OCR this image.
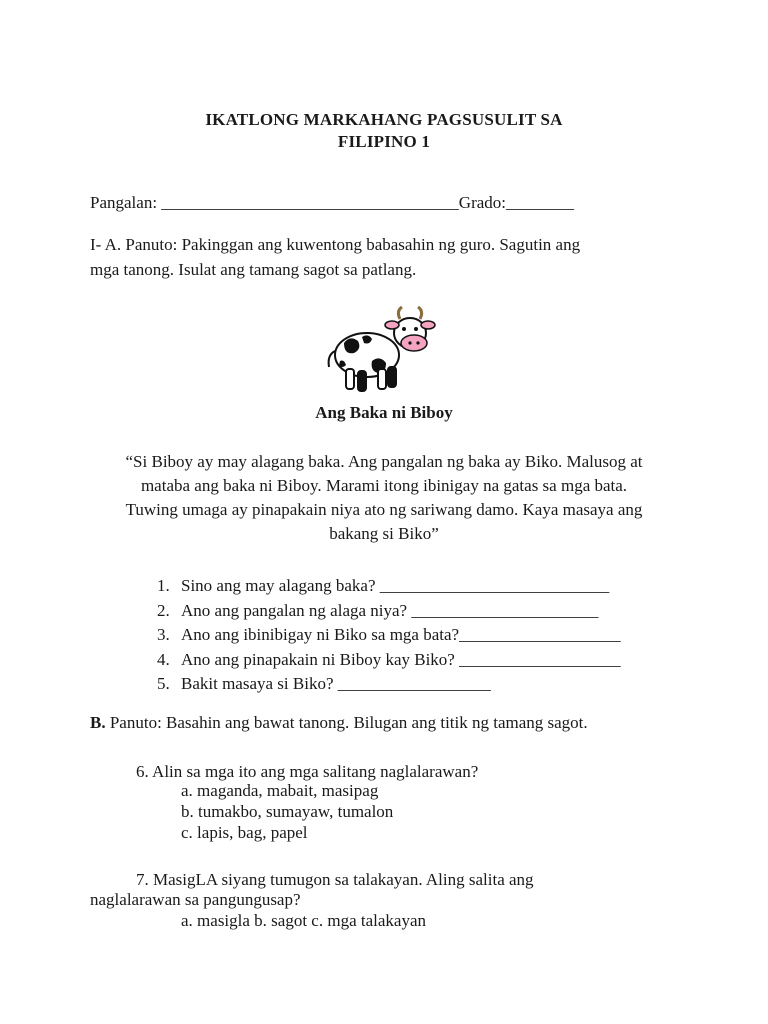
IKATLONG MARKAHANG PAGSUSULIT SA
FILIPINO 1
Pangalan: ___________________________________Grado:________
I- A. Panuto: Pakinggan ang kuwentong babasahin ng guro. Sagutin ang
mga tanong. Isulat ang tamang sagot sa patlang.
Ang Baka ni Biboy
“Si Biboy ay may alagang baka. Ang pangalan ng baka ay Biko. Malusog at
mataba ang baka ni Biboy. Marami itong ibinigay na gatas sa mga bata.
Tuwing umaga ay pinapakain niya ato ng sariwang damo. Kaya masaya ang
bakang si Biko”
1. Sino ang may alagang baka? ___________________________
2. Ano ang pangalan ng alaga niya? ______________________
3. Ano ang ibinibigay ni Biko sa mga bata?___________________
4. Ano ang pinapakain ni Biboy kay Biko? ___________________
5. Bakit masaya si Biko? __________________
B. Panuto: Basahin ang bawat tanong. Bilugan ang titik ng tamang sagot.
6. Alin sa mga ito ang mga salitang naglalarawan?
a. maganda, mabait, masipag
b. tumakbo, sumayaw, tumalon
c. lapis, bag, papel
7. MasigLA siyang tumugon sa talakayan. Aling salita ang
naglalarawan sa pangungusap?
a. masigla b. sagot c. mga talakayan
